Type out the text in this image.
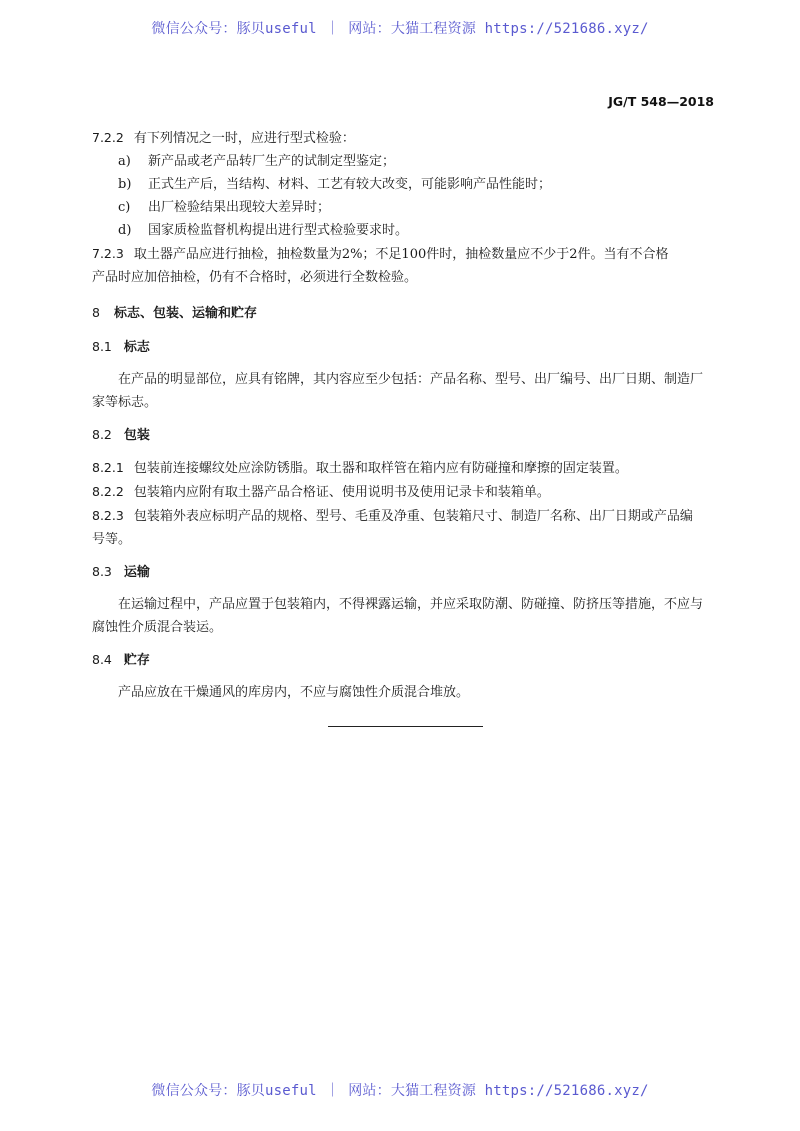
微信公众号：豚贝useful ｜ 网站：大猫工程资源 https://521686.xyz/
JG/T 548—2018

7.2.2 有下列情况之一时，应进行型式检验：

a) 新产品或老产品转厂生产的试制定型鉴定；

b) 正式生产后，当结构、材料、工艺有较大改变，可能影响产品性能时；

c) 出厂检验结果出现较大差异时；

d) 国家质检监督机构提出进行型式检验要求时。

7.2.3 取土器产品应进行抽检，抽检数量为2%；不足100件时，抽检数量应不少于2件。当有不合格

产品时应加倍抽检，仍有不合格时，必须进行全数检验。

8 标志、包装、运输和贮存
8.1 标志

在产品的明显部位，应具有铭牌，其内容应至少包括：产品名称、型号、出厂编号、出厂日期、制造厂

家等标志。

8.2 包装

8.2.1 包装前连接螺纹处应涂防锈脂。取土器和取样管在箱内应有防碰撞和摩擦的固定装置。

8.2.2 包装箱内应附有取土器产品合格证、使用说明书及使用记录卡和装箱单。

8.2.3 包装箱外表应标明产品的规格、型号、毛重及净重、包装箱尺寸、制造厂名称、出厂日期或产品编

号等。

8.3 运输

在运输过程中，产品应置于包装箱内，不得裸露运输，并应采取防潮、防碰撞、防挤压等措施，不应与

腐蚀性介质混合装运。

8.4 贮存

产品应放在干燥通风的库房内，不应与腐蚀性介质混合堆放。

微信公众号：豚贝useful ｜ 网站：大猫工程资源 https://521686.xyz/
